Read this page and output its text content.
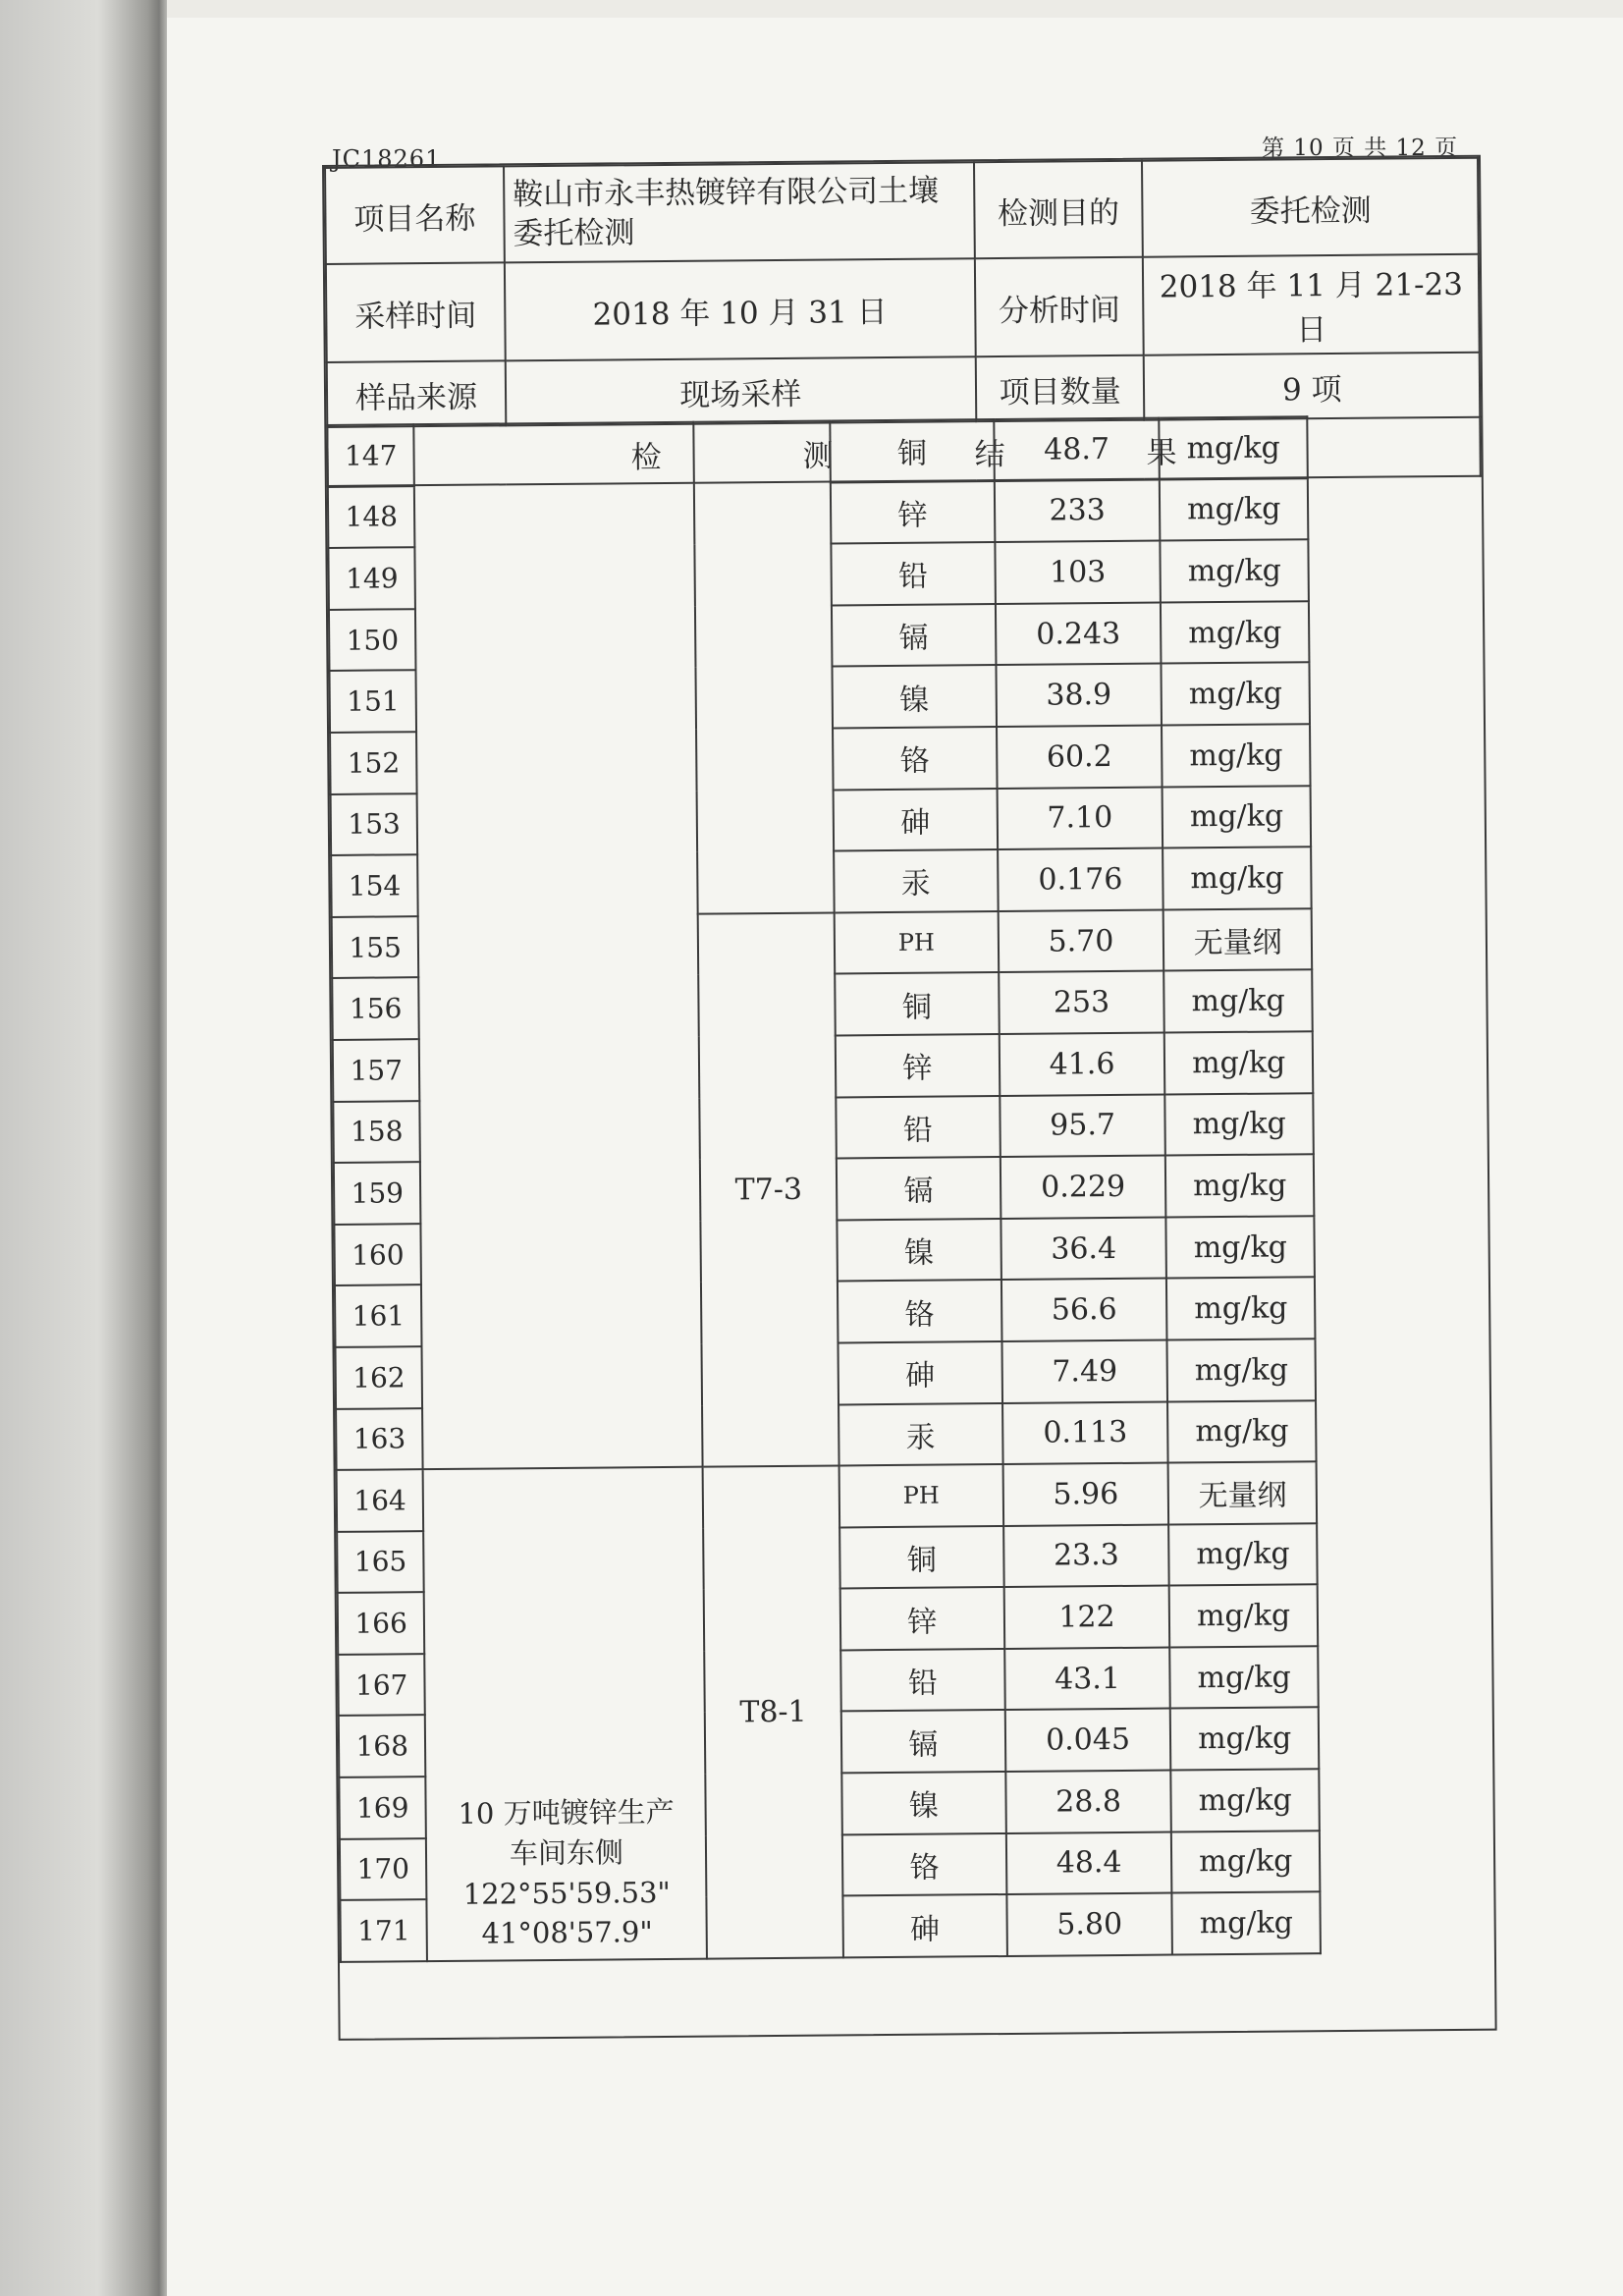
JC18261	第 10 页 共 12 页
项目名称	鞍山市永丰热镀锌有限公司土壤委托检测	检测目的	委托检测
采样时间	2018 年 10 月 31 日	分析时间	2018 年 11 月 21-23 日
样品来源	现场采样	项目数量	9 项
检 测 结 果			
147			铜	48.7	mg/kg
148			锌	233	mg/kg
149			铅	103	mg/kg
150			镉	0.243	mg/kg
151			镍	38.9	mg/kg
152			铬	60.2	mg/kg
153			砷	7.10	mg/kg
154			汞	0.176	mg/kg
155		T7-3	PH	5.70	无量纲
156			铜	253	mg/kg
157			锌	41.6	mg/kg
158			铅	95.7	mg/kg
159			镉	0.229	mg/kg
160			镍	36.4	mg/kg
161			铬	56.6	mg/kg
162			砷	7.49	mg/kg
163			汞	0.113	mg/kg
164	10 万吨镀锌生产
车间东侧
122°55'59.53"
41°08'57.9"	T8-1	PH	5.96	无量纲
165			铜	23.3	mg/kg
166			锌	122	mg/kg
167			铅	43.1	mg/kg
168			镉	0.045	mg/kg
169			镍	28.8	mg/kg
170			铬	48.4	mg/kg
171			砷	5.80	mg/kg
